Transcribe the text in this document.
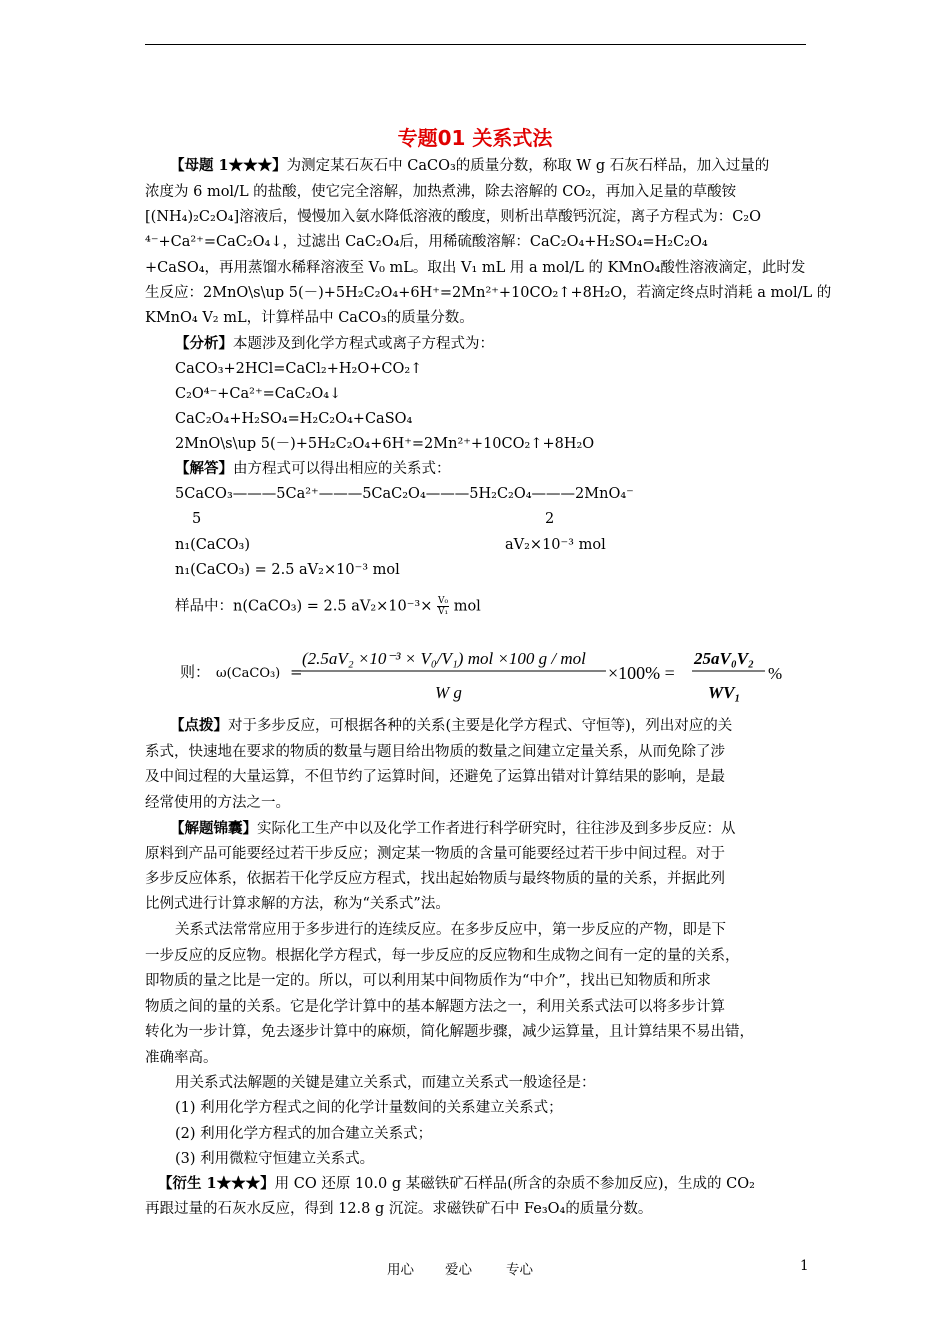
专题01 关系式法
【母题 1★★★】为测定某石灰石中 CaCO₃的质量分数，称取 W g 石灰石样品，加入过量的
浓度为 6 mol/L 的盐酸，使它完全溶解，加热煮沸，除去溶解的 CO₂，再加入足量的草酸铵
[(NH₄)₂C₂O₄]溶液后，慢慢加入氨水降低溶液的酸度，则析出草酸钙沉淀，离子方程式为：C₂O
⁴⁻+Ca²⁺=CaC₂O₄↓，过滤出 CaC₂O₄后，用稀硫酸溶解：CaC₂O₄+H₂SO₄=H₂C₂O₄
+CaSO₄，再用蒸馏水稀释溶液至 V₀ mL。取出 V₁ mL 用 a mol/L 的 KMnO₄酸性溶液滴定，此时发
生反应：2MnO\s\up 5(－)+5H₂C₂O₄+6H⁺=2Mn²⁺+10CO₂↑+8H₂O，若滴定终点时消耗 a mol/L 的
KMnO₄ V₂ mL，计算样品中 CaCO₃的质量分数。
【分析】本题涉及到化学方程式或离子方程式为：
CaCO₃+2HCl=CaCl₂+H₂O+CO₂↑
C₂O⁴⁻+Ca²⁺=CaC₂O₄↓
CaC₂O₄+H₂SO₄=H₂C₂O₄+CaSO₄
2MnO\s\up 5(－)+5H₂C₂O₄+6H⁺=2Mn²⁺+10CO₂↑+8H₂O
【解答】由方程式可以得出相应的关系式：
5CaCO₃———5Ca²⁺———5CaC₂O₄———5H₂C₂O₄———2MnO₄⁻
5	2
n₁(CaCO₃)	aV₂×10⁻³ mol
n₁(CaCO₃) = 2.5 aV₂×10⁻³ mol
样品中：n(CaCO₃) = 2.5 $aV_2\times 10^{-3}\times \frac{\text{V₀}}{\text{V₁}}$ mol
则： ω(CaCO₃) =
(2.5aV₂ ×10⁻³ × V₀/V₁) mol ×100 g / mol
W g
×100% =
25aV₀V₂
WV₁
%
【点拨】对于多步反应，可根据各种的关系(主要是化学方程式、守恒等)，列出对应的关
系式，快速地在要求的物质的数量与题目给出物质的数量之间建立定量关系，从而免除了涉
及中间过程的大量运算，不但节约了运算时间，还避免了运算出错对计算结果的影响，是最
经常使用的方法之一。
【解题锦囊】实际化工生产中以及化学工作者进行科学研究时，往往涉及到多步反应：从
原料到产品可能要经过若干步反应；测定某一物质的含量可能要经过若干步中间过程。对于
多步反应体系，依据若干化学反应方程式，找出起始物质与最终物质的量的关系，并据此列
比例式进行计算求解的方法，称为“关系式”法。
关系式法常常应用于多步进行的连续反应。在多步反应中，第一步反应的产物，即是下
一步反应的反应物。根据化学方程式，每一步反应的反应物和生成物之间有一定的量的关系，
即物质的量之比是一定的。所以，可以利用某中间物质作为“中介”，找出已知物质和所求
物质之间的量的关系。它是化学计算中的基本解题方法之一，利用关系式法可以将多步计算
转化为一步计算，免去逐步计算中的麻烦，简化解题步骤，减少运算量，且计算结果不易出错，
准确率高。
用关系式法解题的关键是建立关系式，而建立关系式一般途径是：
(1) 利用化学方程式之间的化学计量数间的关系建立关系式；
(2) 利用化学方程式的加合建立关系式；
(3) 利用微粒守恒建立关系式。
【衍生 1★★★】用 CO 还原 10.0 g 某磁铁矿石样品(所含的杂质不参加反应)，生成的 CO₂
再跟过量的石灰水反应，得到 12.8 g 沉淀。求磁铁矿石中 Fe₃O₄的质量分数。
用心 爱心	专心	1
